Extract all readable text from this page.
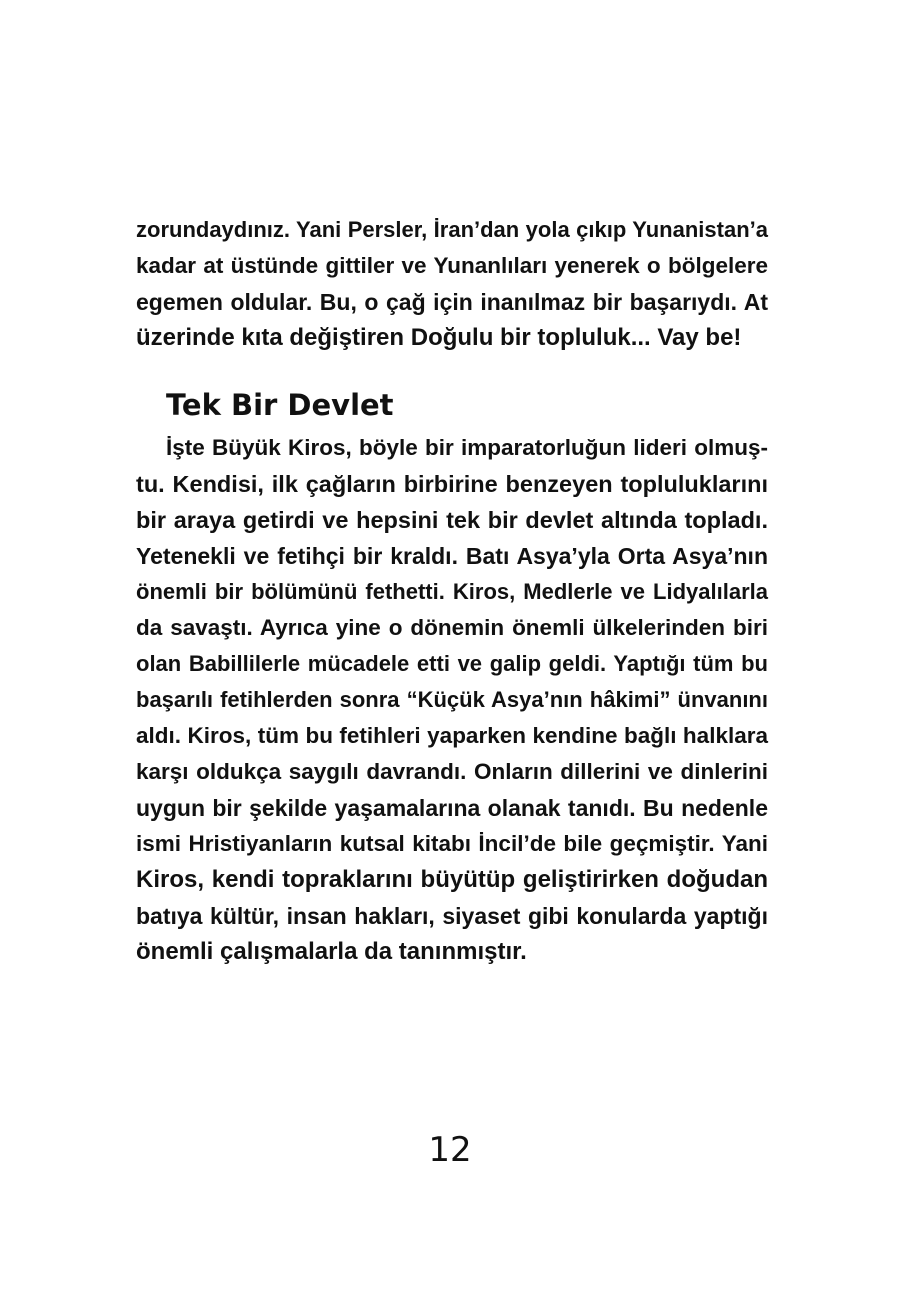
zorundaydınız. Yani Persler, İran’dan yola çıkıp Yunanistan’a
kadar at üstünde gittiler ve Yunanlıları yenerek o bölgelere
egemen oldular. Bu, o çağ için inanılmaz bir başarıydı. At
üzerinde kıta değiştiren Doğulu bir topluluk... Vay be!
Tek Bir Devlet
İşte Büyük Kiros, böyle bir imparatorluğun lideri olmuş-
tu. Kendisi, ilk çağların birbirine benzeyen topluluklarını
bir araya getirdi ve hepsini tek bir devlet altında topladı.
Yetenekli ve fetihçi bir kraldı. Batı Asya’yla Orta Asya’nın
önemli bir bölümünü fethetti. Kiros, Medlerle ve Lidyalılarla
da savaştı. Ayrıca yine o dönemin önemli ülkelerinden biri
olan Babillilerle mücadele etti ve galip geldi. Yaptığı tüm bu
başarılı fetihlerden sonra “Küçük Asya’nın hâkimi” ünvanını
aldı. Kiros, tüm bu fetihleri yaparken kendine bağlı halklara
karşı oldukça saygılı davrandı. Onların dillerini ve dinlerini
uygun bir şekilde yaşamalarına olanak tanıdı. Bu nedenle
ismi Hristiyanların kutsal kitabı İncil’de bile geçmiştir. Yani
Kiros, kendi topraklarını büyütüp geliştirirken doğudan
batıya kültür, insan hakları, siyaset gibi konularda yaptığı
önemli çalışmalarla da tanınmıştır.
12
